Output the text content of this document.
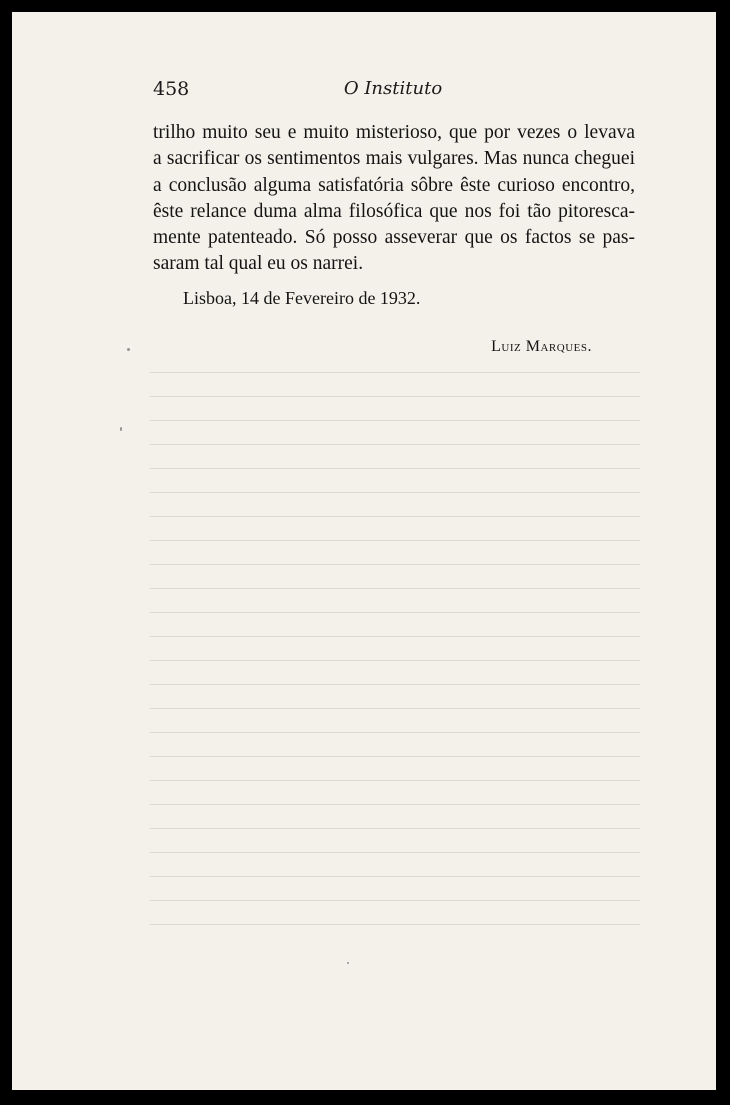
458	O Instituto

trilho muito seu e muito misterioso, que por vezes o levava
a sacrificar os sentimentos mais vulgares. Mas nunca cheguei
a conclusão alguma satisfatória sôbre êste curioso encontro,
êste relance duma alma filosófica que nos foi tão pitoresca-
mente patenteado. Só posso asseverar que os factos se pas-
saram tal qual eu os narrei.

Lisboa, 14 de Fevereiro de 1932.
Luiz Marques.
